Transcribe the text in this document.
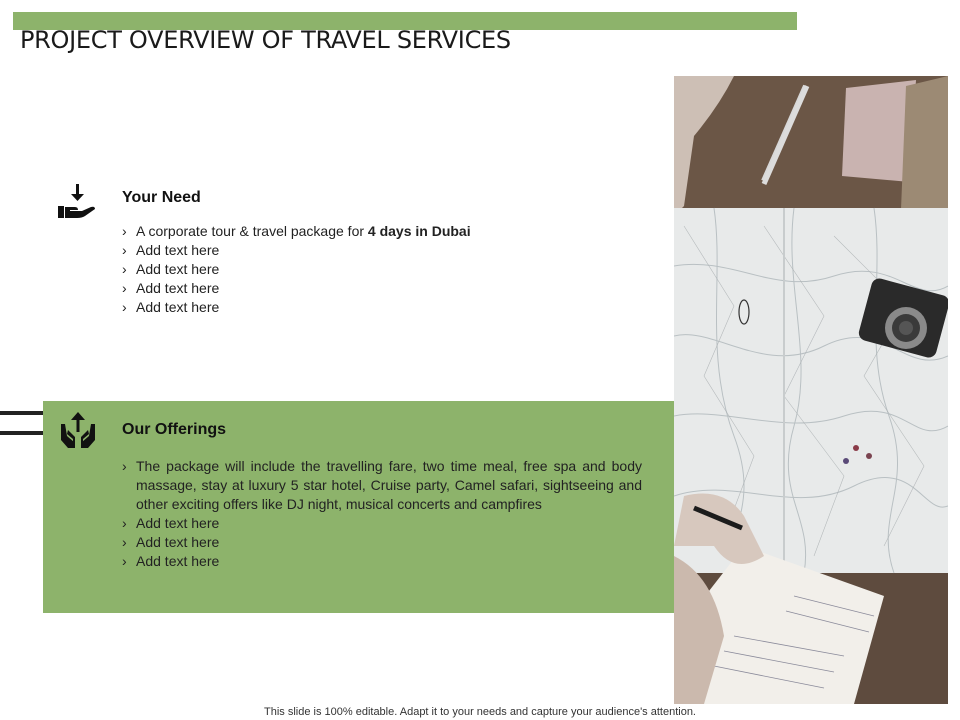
PROJECT OVERVIEW OF TRAVEL SERVICES
Your Need
› A corporate tour & travel package for 4 days in Dubai
› Add text here
› Add text here
› Add text here
› Add text here
Our Offerings
› The package will include the travelling fare, two time meal, free spa and body massage, stay at luxury 5 star hotel, Cruise party, Camel safari, sightseeing and other exciting offers like DJ night, musical concerts and campfires
› Add text here
› Add text here
› Add text here
This slide is 100% editable. Adapt it to your needs and capture your audience's attention.
